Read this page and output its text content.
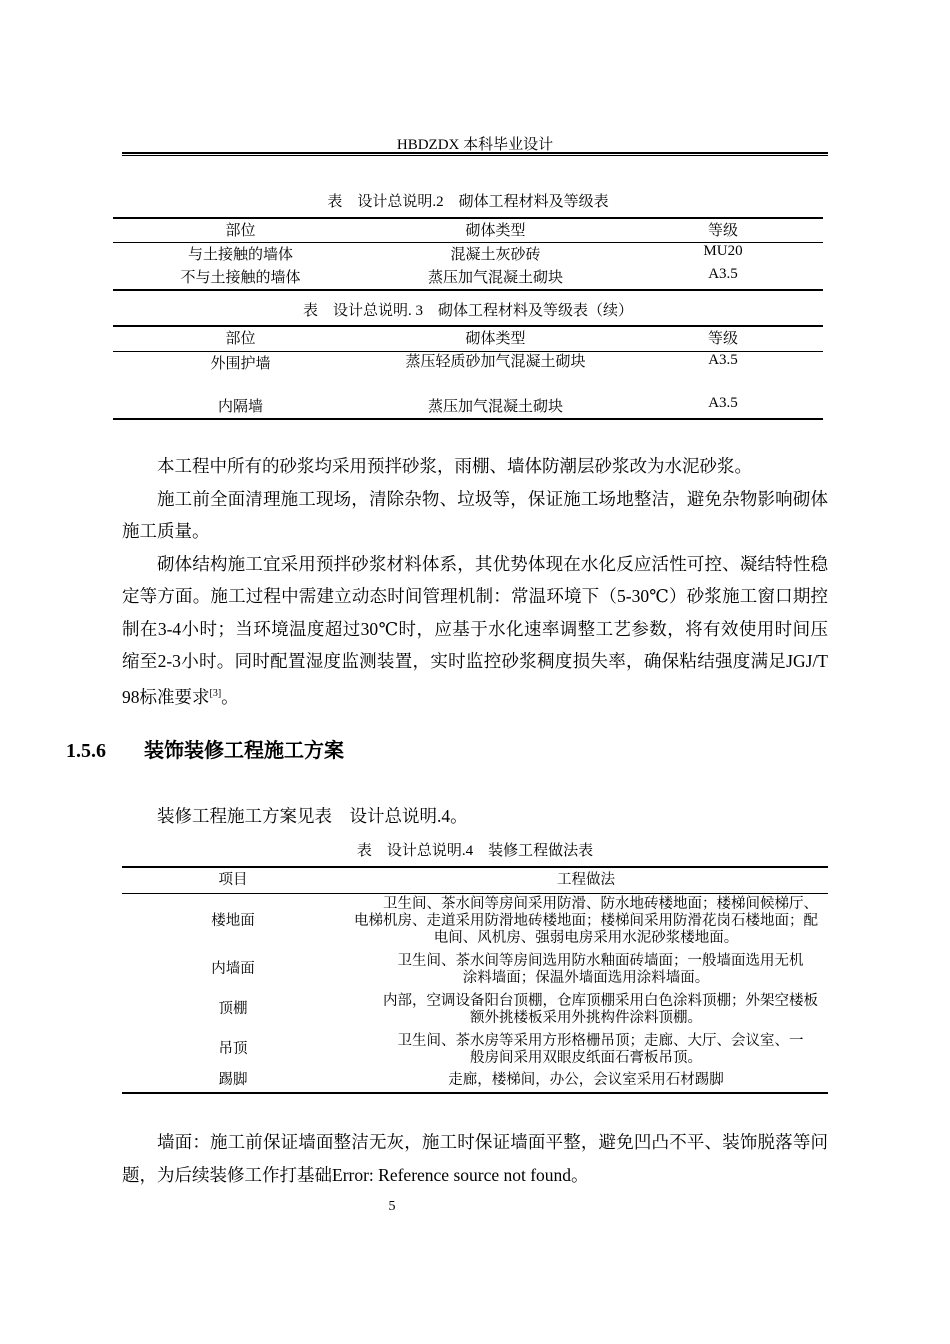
HBDZDX 本科毕业设计
表　设计总说明.2　砌体工程材料及等级表
部位	砌体类型	等级
与土接触的墙体	混凝土灰砂砖	MU20
不与土接触的墙体	蒸压加气混凝土砌块	A3.5
表　设计总说明. 3　砌体工程材料及等级表（续）
部位	砌体类型	等级
外围护墙	蒸压轻质砂加气混凝土砌块	A3.5
内隔墙	蒸压加气混凝土砌块	A3.5

本工程中所有的砂浆均采用预拌砂浆，雨棚、墙体防潮层砂浆改为水泥砂浆。

施工前全面清理施工现场，清除杂物、垃圾等，保证施工场地整洁，避免杂物影响砌体施工质量。

砌体结构施工宜采用预拌砂浆材料体系，其优势体现在水化反应活性可控、凝结特性稳定等方面。施工过程中需建立动态时间管理机制：常温环境下（5-30℃）砂浆施工窗口期控制在3-4小时；当环境温度超过30℃时，应基于水化速率调整工艺参数，将有效使用时间压缩至2-3小时。同时配置湿度监测装置，实时监控砂浆稠度损失率，确保粘结强度满足JGJ/T 98标准要求[3]。

1.5.6 装饰装修工程施工方案

装修工程施工方案见表　设计总说明.4。

表　设计总说明.4　装修工程做法表
项目	工程做法
楼地面	卫生间、茶水间等房间采用防滑、防水地砖楼地面；楼梯间候梯厅、电梯机房、走道采用防滑地砖楼地面；楼梯间采用防滑花岗石楼地面；配电间、风机房、强弱电房采用水泥砂浆楼地面。

内墙面	卫生间、茶水间等房间选用防水釉面砖墙面；一般墙面选用无机涂料墙面；保温外墙面选用涂料墙面。

顶棚	内部，空调设备阳台顶棚，仓库顶棚采用白色涂料顶棚；外架空楼板额外挑楼板采用外挑构件涂料顶棚。

吊顶	卫生间、茶水房等采用方形格栅吊顶；走廊、大厅、会议室、一般房间采用双眼皮纸面石膏板吊顶。

踢脚	走廊，楼梯间，办公，会议室采用石材踢脚

墙面：施工前保证墙面整洁无灰，施工时保证墙面平整，避免凹凸不平、装饰脱落等问题，为后续装修工作打基础Error: Reference source not found。

5
